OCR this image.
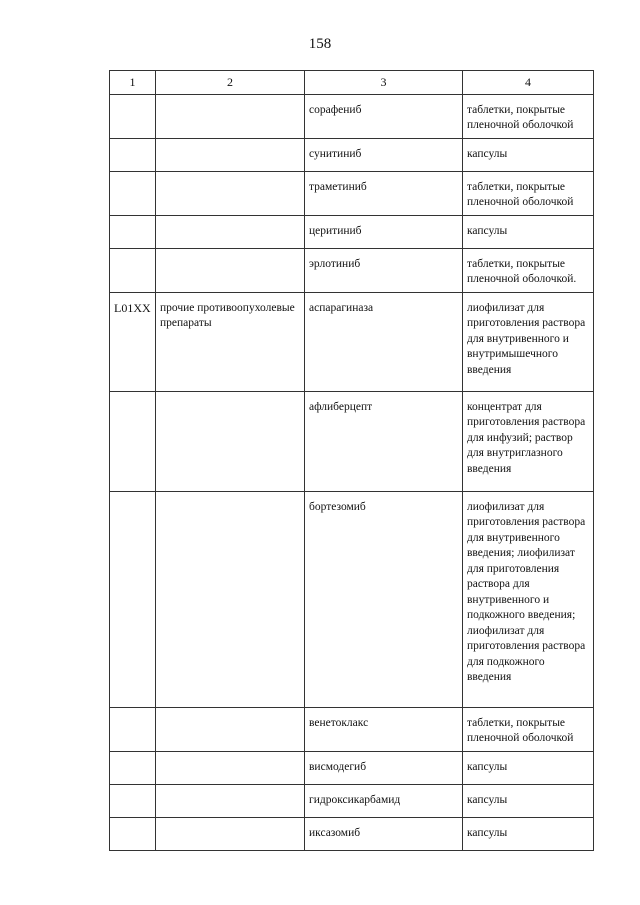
158
1	2	3	4
		сорафениб	таблетки, покрытые пленочной оболочкой
		сунитиниб	капсулы
		траметиниб	таблетки, покрытые пленочной оболочкой
		церитиниб	капсулы
		эрлотиниб	таблетки, покрытые пленочной оболочкой.
L01XX	прочие противоопухолевые препараты	аспарагиназа	лиофилизат для приготовления раствора для внутривенного и внутримышечного введения
		афлиберцепт	концентрат для приготовления раствора для инфузий; раствор для внутриглазного введения
		бортезомиб	лиофилизат для приготовления раствора для внутривенного введения; лиофилизат для приготовления раствора для внутривенного и подкожного введения; лиофилизат для приготовления раствора для подкожного введения
		венетоклакс	таблетки, покрытые пленочной оболочкой
		висмодегиб	капсулы
		гидроксикарбамид	капсулы
		иксазомиб	капсулы
